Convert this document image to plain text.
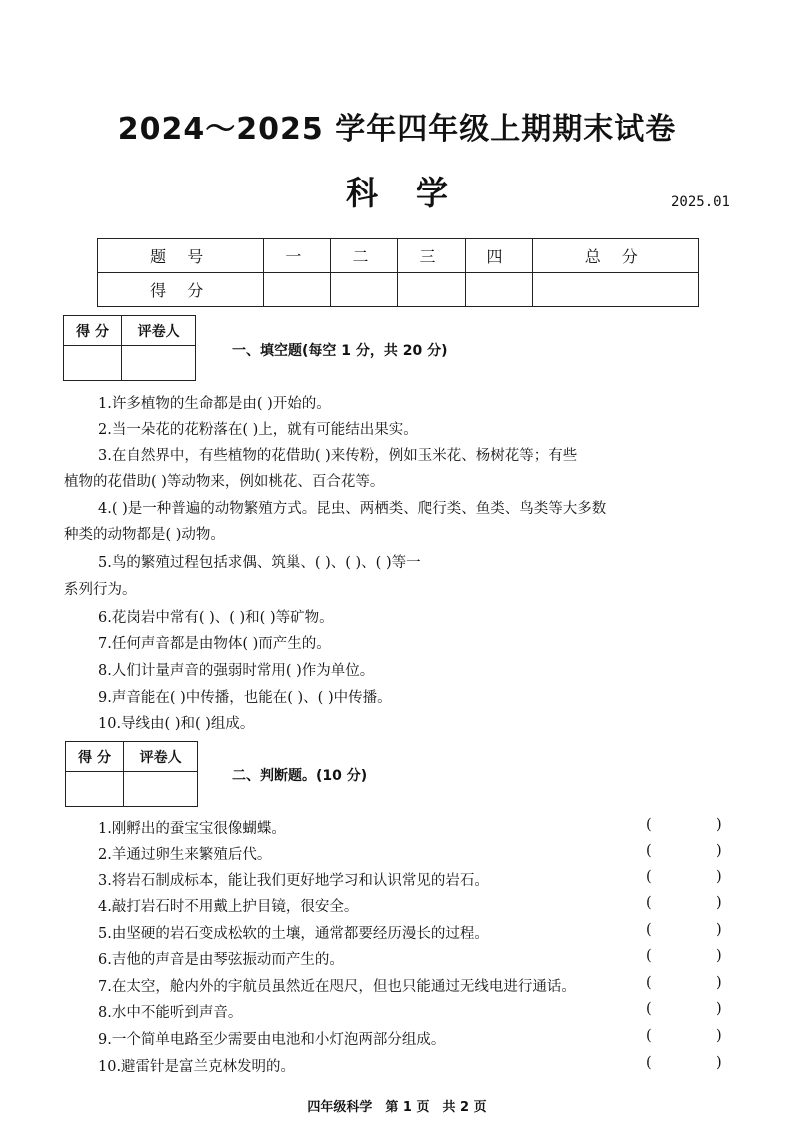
2024～2025 学年四年级上期期末试卷
科学	2025.01
题 号	一	二	三	四	总 分
得 分					
得 分	评卷人

一、填空题(每空 1 分，共 20 分)
1.许多植物的生命都是由( )开始的。
2.当一朵花的花粉落在( )上，就有可能结出果实。
3.在自然界中，有些植物的花借助( )来传粉，例如玉米花、杨树花等；有些
植物的花借助( )等动物来，例如桃花、百合花等。
4.( )是一种普遍的动物繁殖方式。昆虫、两栖类、爬行类、鱼类、鸟类等大多数
种类的动物都是( )动物。
5.鸟的繁殖过程包括求偶、筑巢、( )、( )、( )等一
系列行为。
6.花岗岩中常有( )、( )和( )等矿物。
7.任何声音都是由物体( )而产生的。
8.人们计量声音的强弱时常用( )作为单位。
9.声音能在( )中传播，也能在( )、( )中传播。
10.导线由( )和( )组成。
得 分	评卷人

二、判断题。(10 分)
1.刚孵出的蚕宝宝很像蝴蝶。	(	)
2.羊通过卵生来繁殖后代。	(	)
3.将岩石制成标本，能让我们更好地学习和认识常见的岩石。	(	)
4.敲打岩石时不用戴上护目镜，很安全。	(	)
5.由坚硬的岩石变成松软的土壤，通常都要经历漫长的过程。	(	)
6.吉他的声音是由琴弦振动而产生的。	(	)
7.在太空，舱内外的宇航员虽然近在咫尺，但也只能通过无线电进行通话。	(	)
8.水中不能听到声音。	(	)
9.一个简单电路至少需要由电池和小灯泡两部分组成。	(	)
10.避雷针是富兰克林发明的。	(	)
四年级科学　第 1 页　共 2 页
